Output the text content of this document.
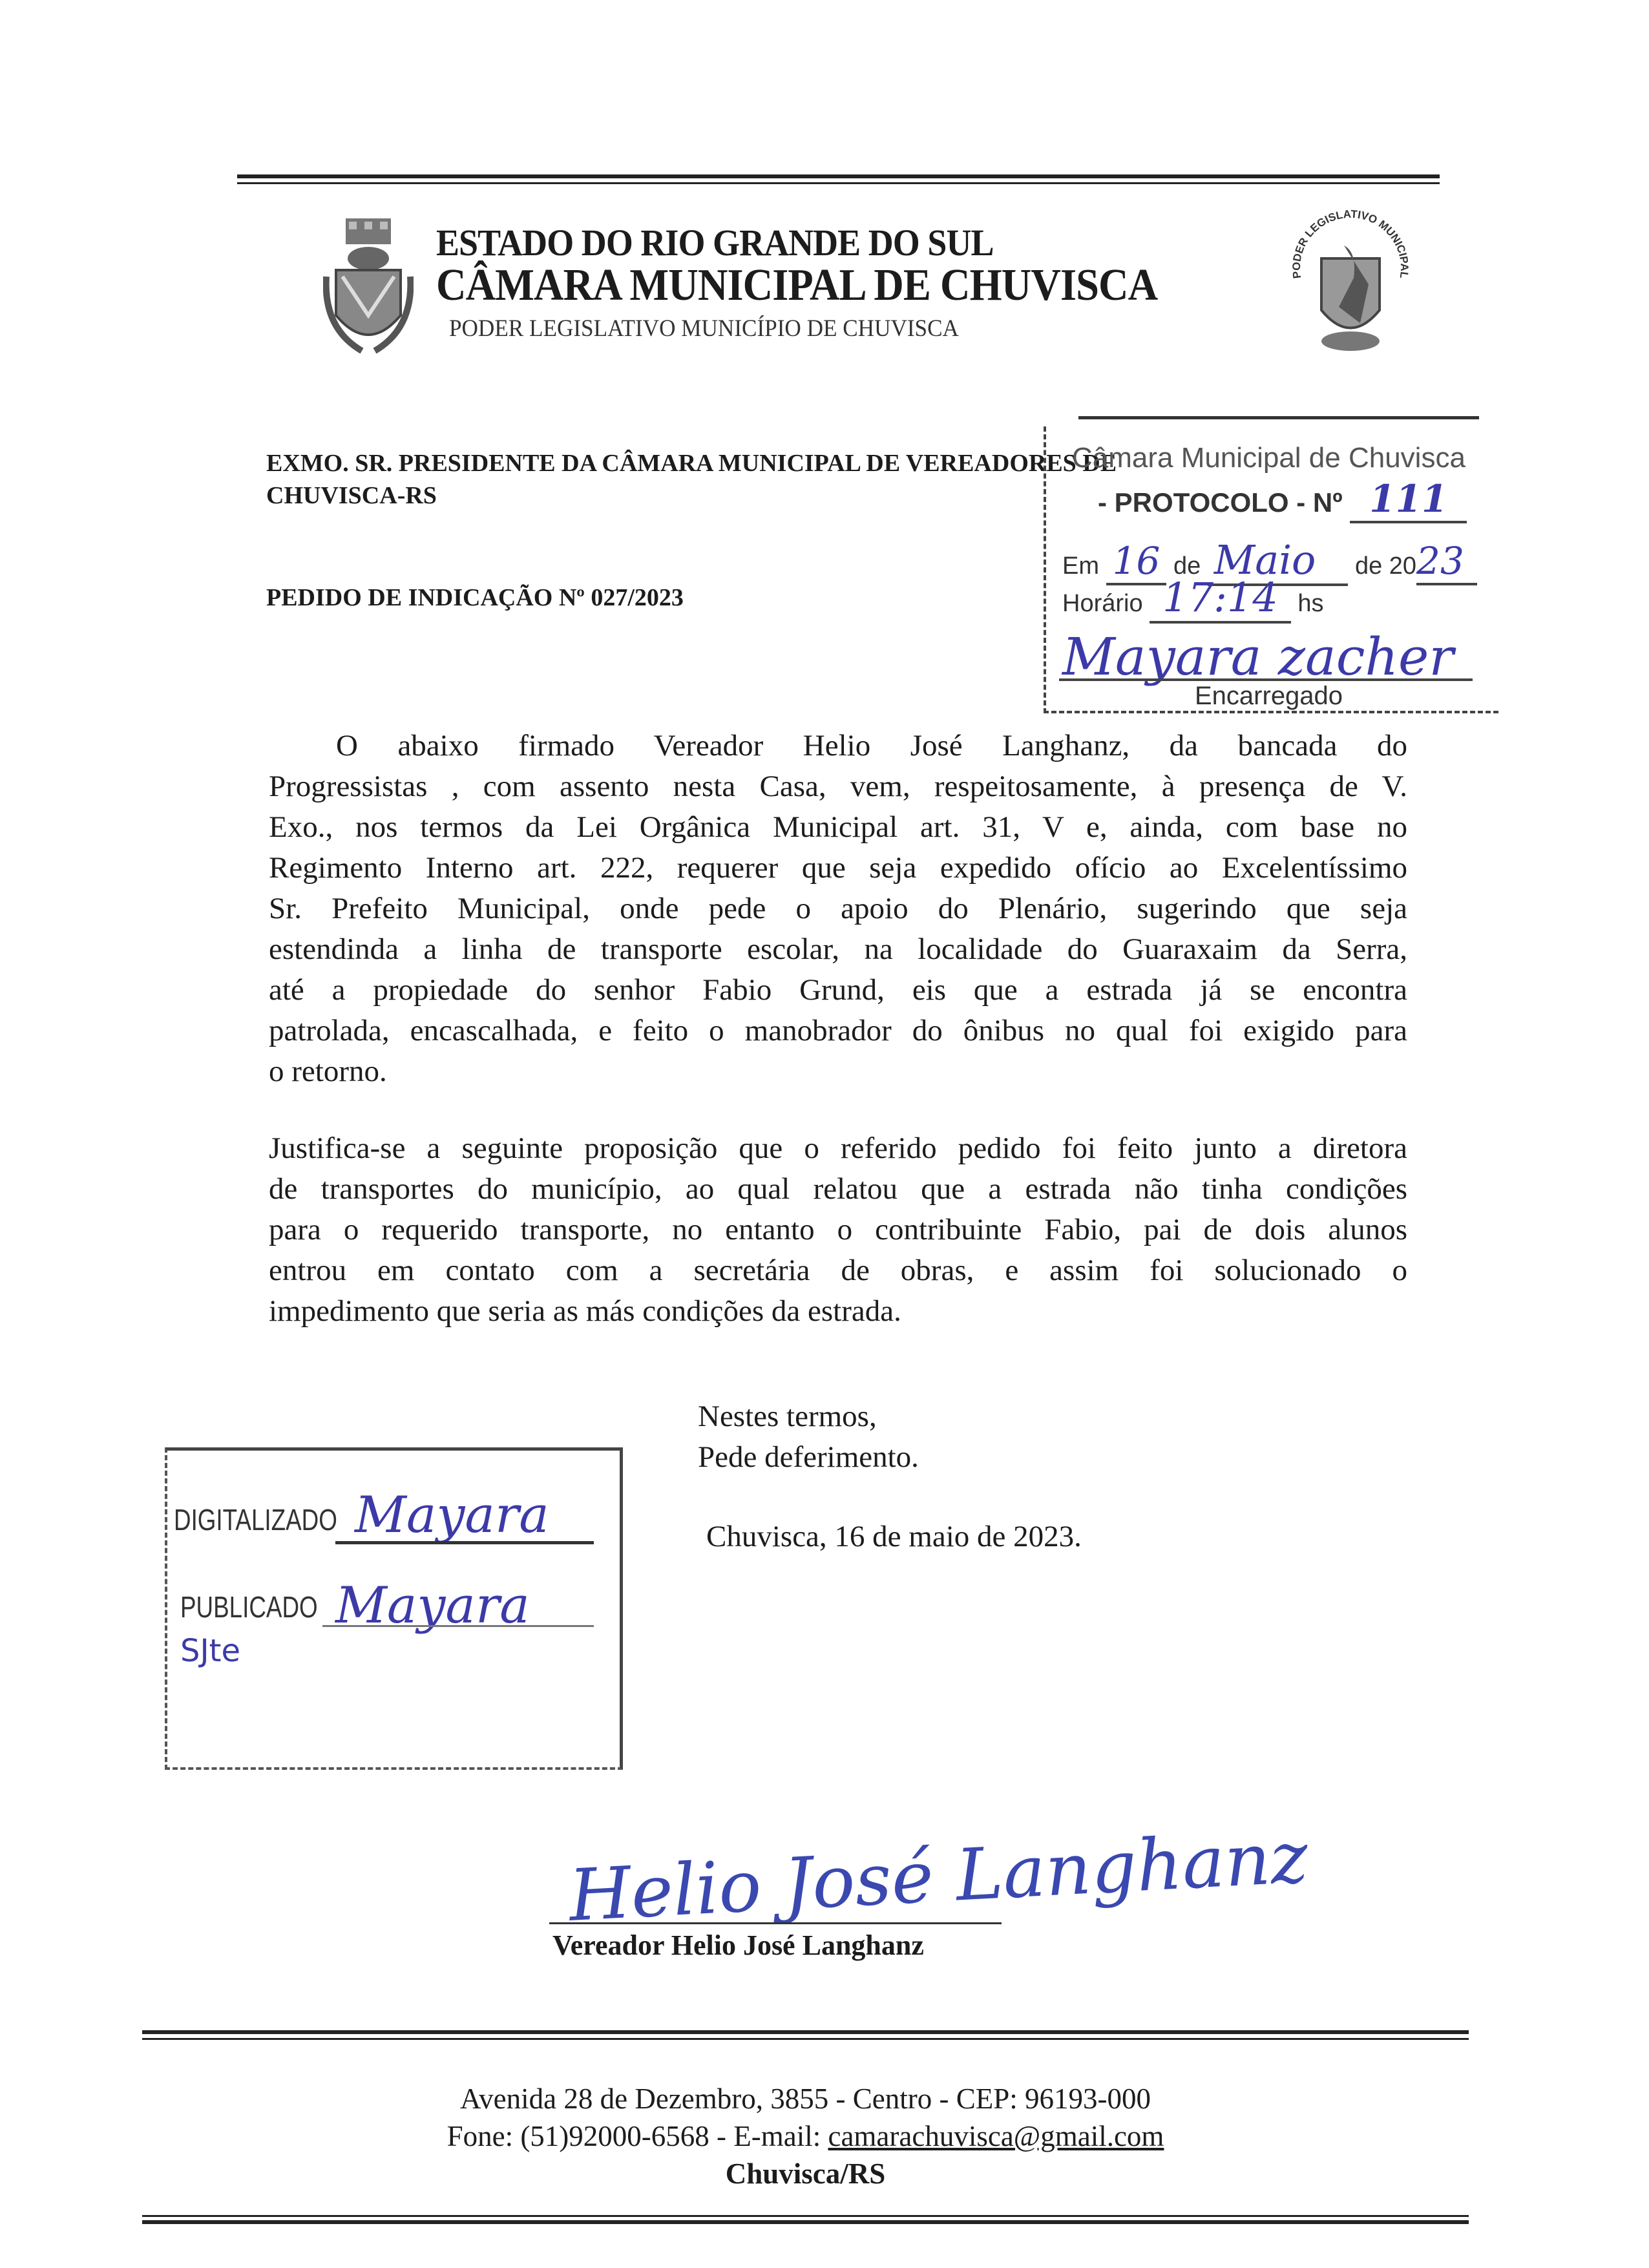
ESTADO DO RIO GRANDE DO SUL
CÂMARA MUNICIPAL DE CHUVISCA
PODER LEGISLATIVO MUNICÍPIO DE CHUVISCA
ER LEGISLATIVO MUNICI
EXMO. SR. PRESIDENTE DA CÂMARA MUNICIPAL DE VEREADORES DE
CHUVISCA-RS
PEDIDO DE INDICAÇÃO Nº 027/2023
Câmara Municipal de Chuvisca
- PROTOCOLO - Nº 111
Em 16 de Maio de 2023
Horário 17:14 hs
Mayara zacher
Encarregado
O abaixo firmado Vereador Helio José Langhanz, da bancada do
Progressistas , com assento nesta Casa, vem, respeitosamente, à presença de V.
Exo., nos termos da Lei Orgânica Municipal art. 31, V e, ainda, com base no
Regimento Interno art. 222, requerer que seja expedido ofício ao Excelentíssimo
Sr. Prefeito Municipal, onde pede o apoio do Plenário, sugerindo que seja
estendinda a linha de transporte escolar, na localidade do Guaraxaim da Serra,
até a propiedade do senhor Fabio Grund, eis que a estrada já se encontra
patrolada, encascalhada, e feito o manobrador do ônibus no qual foi exigido para
o retorno.
Justifica-se a seguinte proposição que o referido pedido foi feito junto a diretora
de transportes do município, ao qual relatou que a estrada não tinha condições
para o requerido transporte, no entanto o contribuinte Fabio, pai de dois alunos
entrou em contato com a secretária de obras, e assim foi solucionado o
impedimento que seria as más condições da estrada.
Nestes termos,
Pede deferimento.
Chuvisca, 16 de maio de 2023.
DIGITALIZADO Mayara
PUBLICADO Mayara
SJte
Helio José Langhanz
Vereador Helio José Langhanz
Avenida 28 de Dezembro, 3855 - Centro - CEP: 96193-000
Fone: (51)92000-6568 - E-mail: camarachuvisca@gmail.com
Chuvisca/RS
